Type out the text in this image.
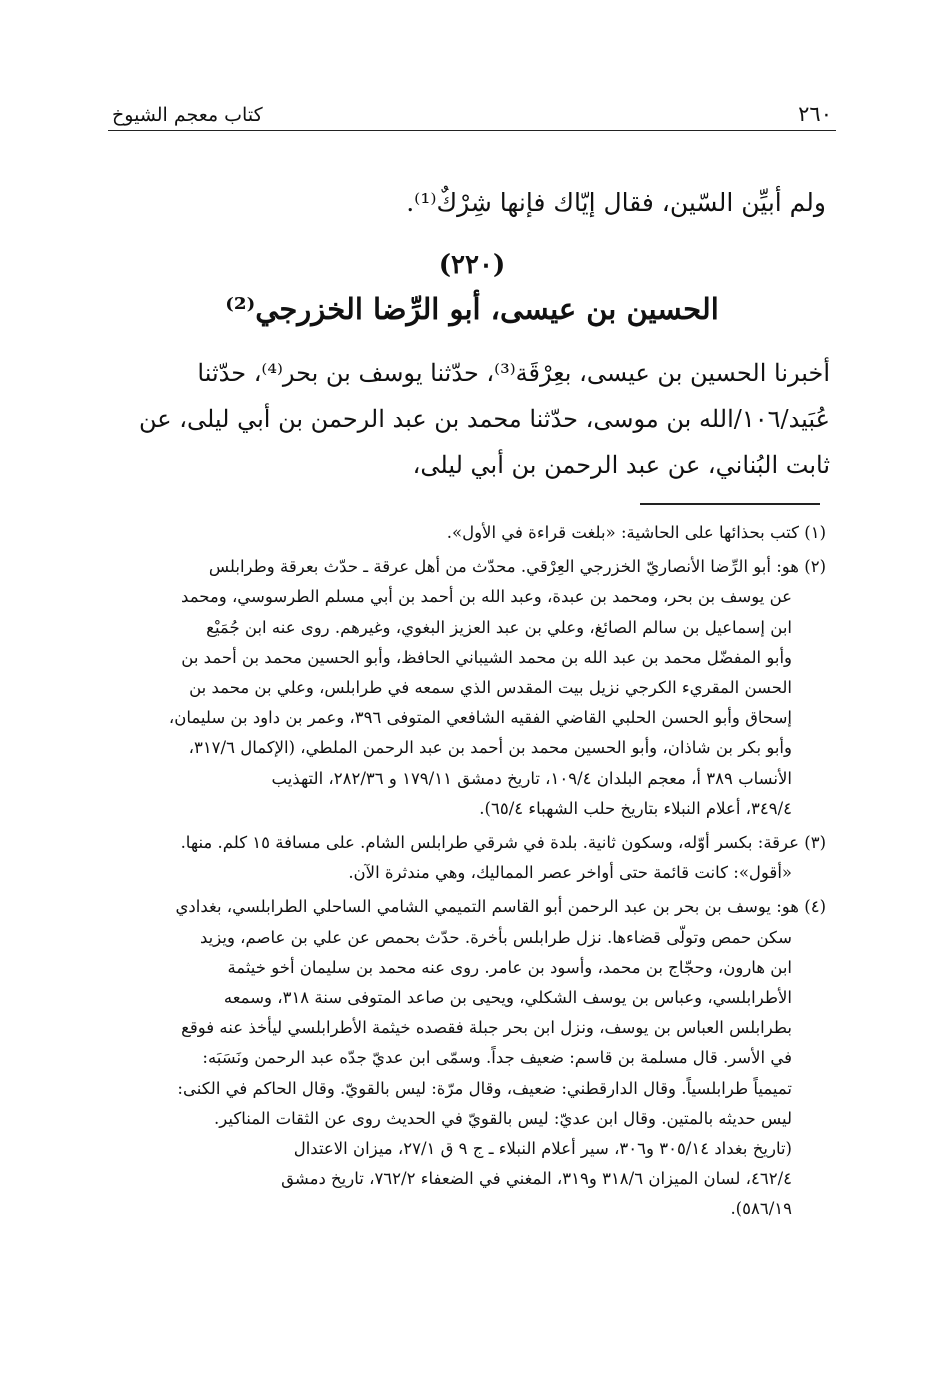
٢٦٠
كتاب معجم الشيوخ
ولم أبيِّن السّين، فقال إيّاك فإنها شِرْكٌ⁽¹⁾.
(٢٢٠)
الحسين بن عيسى، أبو الرِّضا الخزرجي⁽²⁾
أخبرنا الحسين بن عيسى، بعِرْقَة⁽³⁾، حدّثنا يوسف بن بحر⁽⁴⁾، حدّثنا
عُبَيد/١٠٦/الله بن موسى، حدّثنا محمد بن عبد الرحمن بن أبي ليلى، عن
ثابت البُناني، عن عبد الرحمن بن أبي ليلى،
(١) كتب بحذائها على الحاشية: «بلغت قراءة في الأول».
(٢) هو: أبو الرِّضا الأنصاريّ الخزرجي العِرْقي. محدّث من أهل عرقة ـ حدّث بعرقة وطرابلس
عن يوسف بن بحر، ومحمد بن عبدة، وعبد الله بن أحمد بن أبي مسلم الطرسوسي، ومحمد
ابن إسماعيل بن سالم الصائغ، وعلي بن عبد العزيز البغوي، وغيرهم. روى عنه ابن جُمَيْع
وأبو المفضّل محمد بن عبد الله بن محمد الشيباني الحافظ، وأبو الحسين محمد بن أحمد بن
الحسن المقريء الكرجي نزيل بيت المقدس الذي سمعه في طرابلس، وعلي بن محمد بن
إسحاق وأبو الحسن الحلبي القاضي الفقيه الشافعي المتوفى ٣٩٦، وعمر بن داود بن سليمان،
وأبو بكر بن شاذان، وأبو الحسين محمد بن أحمد بن عبد الرحمن الملطي، (الإكمال ٣١٧/٦،
الأنساب ٣٨٩ أ، معجم البلدان ١٠٩/٤، تاريخ دمشق ١٧٩/١١ و ٢٨٢/٣٦، التهذيب
٣٤٩/٤، أعلام النبلاء بتاريخ حلب الشهباء ٦٥/٤).
(٣) عرقة: بكسر أوّله، وسكون ثانية. بلدة في شرقي طرابلس الشام. على مسافة ١٥ كلم. منها.
«أقول»: كانت قائمة حتى أواخر عصر المماليك، وهي مندثرة الآن.
(٤) هو: يوسف بن بحر بن عبد الرحمن أبو القاسم التميمي الشامي الساحلي الطرابلسي، بغدادي
سكن حمص وتولّى قضاءها. نزل طرابلس بأخرة. حدّث بحمص عن علي بن عاصم، ويزيد
ابن هارون، وحجّاج بن محمد، وأسود بن عامر. روى عنه محمد بن سليمان أخو خيثمة
الأطرابلسي، وعباس بن يوسف الشكلي، ويحيى بن صاعد المتوفى سنة ٣١٨، وسمعه
بطرابلس العباس بن يوسف، ونزل ابن بحر جبلة فقصده خيثمة الأطرابلسي ليأخذ عنه فوقع
في الأسر. قال مسلمة بن قاسم: ضعيف جداً. وسمّى ابن عديّ جدّه عبد الرحمن ونَسَبَه:
تميمياً طرابلسياً. وقال الدارقطني: ضعيف، وقال مرّة: ليس بالقويّ. وقال الحاكم في الكنى:
ليس حديثه بالمتين. وقال ابن عديّ: ليس بالقويّ في الحديث روى عن الثقات المناكير.
(تاريخ بغداد ٣٠٥/١٤ و٣٠٦، سير أعلام النبلاء ـ ج ٩ ق ٢٧/١، ميزان الاعتدال
٤٦٢/٤، لسان الميزان ٣١٨/٦ و٣١٩، المغني في الضعفاء ٧٦٢/٢، تاريخ دمشق
٥٨٦/١٩).
